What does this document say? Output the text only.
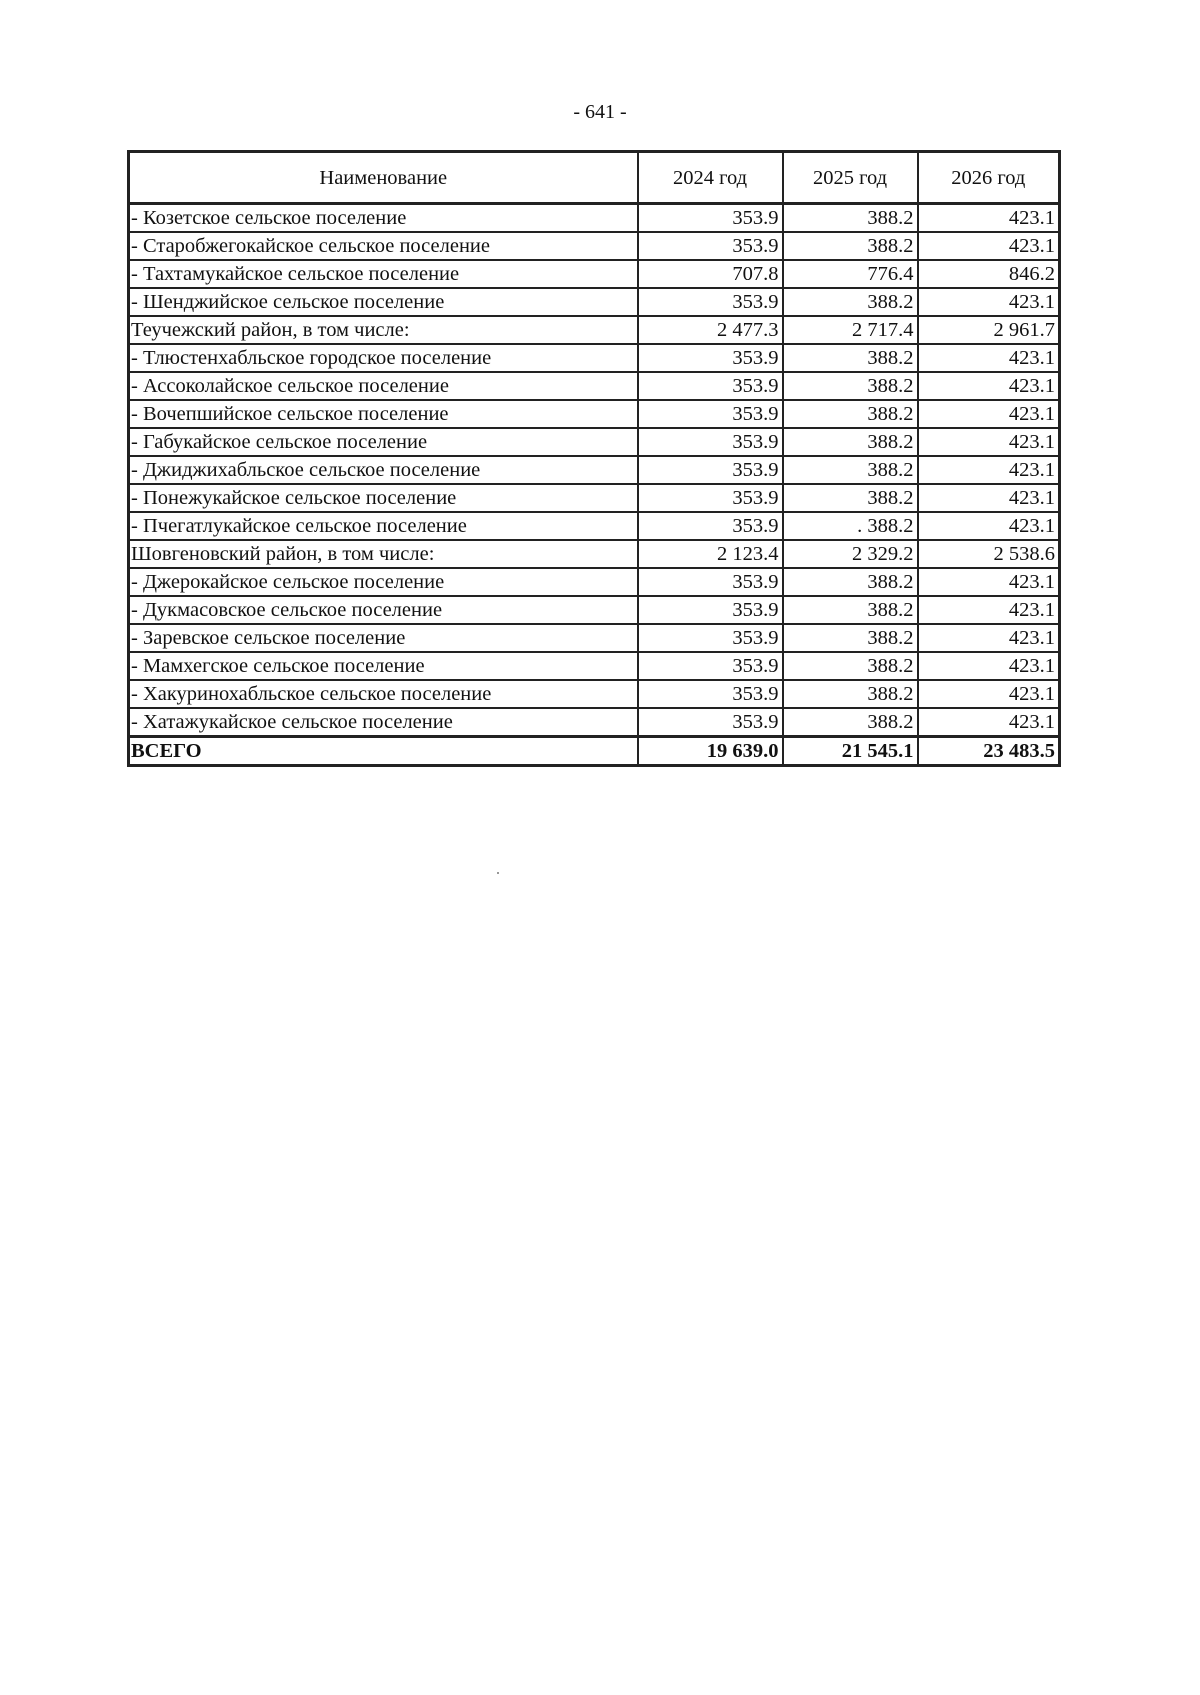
- 641 -
Наименование	2024 год	2025 год	2026 год
- Козетское сельское поселение	353.9	388.2	423.1
- Старобжегокайское сельское поселение	353.9	388.2	423.1
- Тахтамукайское сельское поселение	707.8	776.4	846.2
- Шенджийское сельское поселение	353.9	388.2	423.1
Теучежский район, в том числе:	2 477.3	2 717.4	2 961.7
- Тлюстенхабльское городское поселение	353.9	388.2	423.1
- Ассоколайское сельское поселение	353.9	388.2	423.1
- Вочепшийское сельское поселение	353.9	388.2	423.1
- Габукайское сельское поселение	353.9	388.2	423.1
- Джиджихабльское сельское поселение	353.9	388.2	423.1
- Понежукайское сельское поселение	353.9	388.2	423.1
- Пчегатлукайское сельское поселение	353.9	. 388.2	423.1
Шовгеновский район, в том числе:	2 123.4	2 329.2	2 538.6
- Джерокайское сельское поселение	353.9	388.2	423.1
- Дукмасовское сельское поселение	353.9	388.2	423.1
- Заревское сельское поселение	353.9	388.2	423.1
- Мамхегское сельское поселение	353.9	388.2	423.1
- Хакуринохабльское сельское поселение	353.9	388.2	423.1
- Хатажукайское сельское поселение	353.9	388.2	423.1
ВСЕГО	19 639.0	21 545.1	23 483.5
